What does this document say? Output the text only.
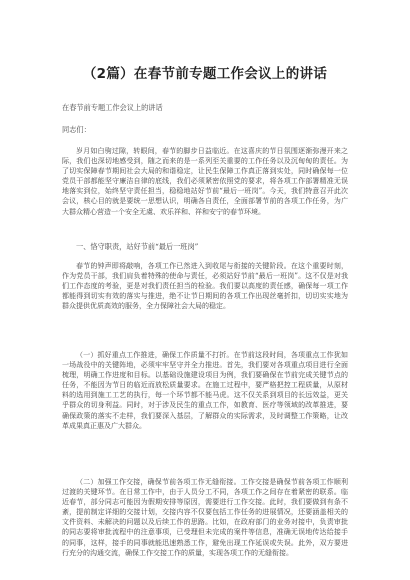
（2篇）在春节前专题工作会议上的讲话

在春节前专题工作会议上的讲话

同志们：

岁月如白驹过隙，转眼间，春节的脚步日益临近。在这喜庆的节日氛围逐渐弥漫开来之际，我们也深切地感受到，随之而来的是一系列至关重要的工作任务以及沉甸甸的责任。为了切实保障春节期间社会大局的和谐稳定，让民生保障工作真正落到实处，同时确保每一位党员干部都能坚守廉洁自律的底线，我们必须紧密依照党的要求，将各项工作部署精准无误地落实到位，始终坚守责任担当，稳稳地站好节前“最后一班岗”。今天，我们特意召开此次会议，核心目的就是要统一思想认识，明确各自责任，全面部署节前的各项工作任务，为广大群众精心营造一个安全无虞、欢乐祥和、祥和安宁的春节环境。

一、恪守职责，站好节前“最后一班岗”

春节的钟声即将敲响，各项工作已然进入到收尾与衔接的关键阶段。在这个重要时刻，作为党员干部，我们肩负着特殊的使命与责任，必须站好节前“最后一班岗”。这不仅是对我们工作态度的考验，更是对我们责任担当的检验。我们要以高度的责任感，确保每一项工作都能得到切实有效的落实与推进，绝不让节日期间的各项工作出现丝毫折扣，切切实实地为群众提供优质高效的服务，全力保障社会大局的稳定。

（一）抓好重点工作推进，确保工作质量不打折。在节前这段时间，各项重点工作犹如一场战役中的关键阵地，必须牢牢坚守并全力推进。首先，我们要对各项重点项目进行全面梳理，明确工作进度和目标。以基础设施建设项目为例，我们要确保在节前完成关键节点的任务，不能因为节日的临近而放松质量要求。在施工过程中，要严格把控工程质量，从原材料的选用到施工工艺的执行，每一个环节都不能马虎。这不仅关系到项目的长远效益，更关乎群众的切身利益。同时，对于涉及民生的重点工作，如教育、医疗等领域的改革推进，要确保政策的落实不走样，我们要深入基层，了解群众的实际需求，及时调整工作策略，让改革成果真正惠及广大群众。

（二）加强工作交接，确保节前各项工作无缝衔接。工作交接是确保节前各项工作顺利过渡的关键环节。在日常工作中，由于人员分工不同，各项工作之间存在着紧密的联系。临近春节，部分同志可能因为假期安排等原因，需要进行工作交接。此时，我们要做到有条不紊，提前制定详细的交接计划，交接内容不仅要包括工作任务的进展情况，还要涵盖相关的文件资料、未解决的问题以及后续工作的思路。比如，在政府部门的业务对接中，负责审批的同志要将审批流程中的注意事项，已受理但未完成的案件等信息，准确无误地传达给接手的同事，这样，接手的同事就能迅速熟悉工作，避免出现工作延误或失误。此外，双方要进行充分的沟通交流，确保工作交接工作的质量，实现各项工作的无缝衔接。
